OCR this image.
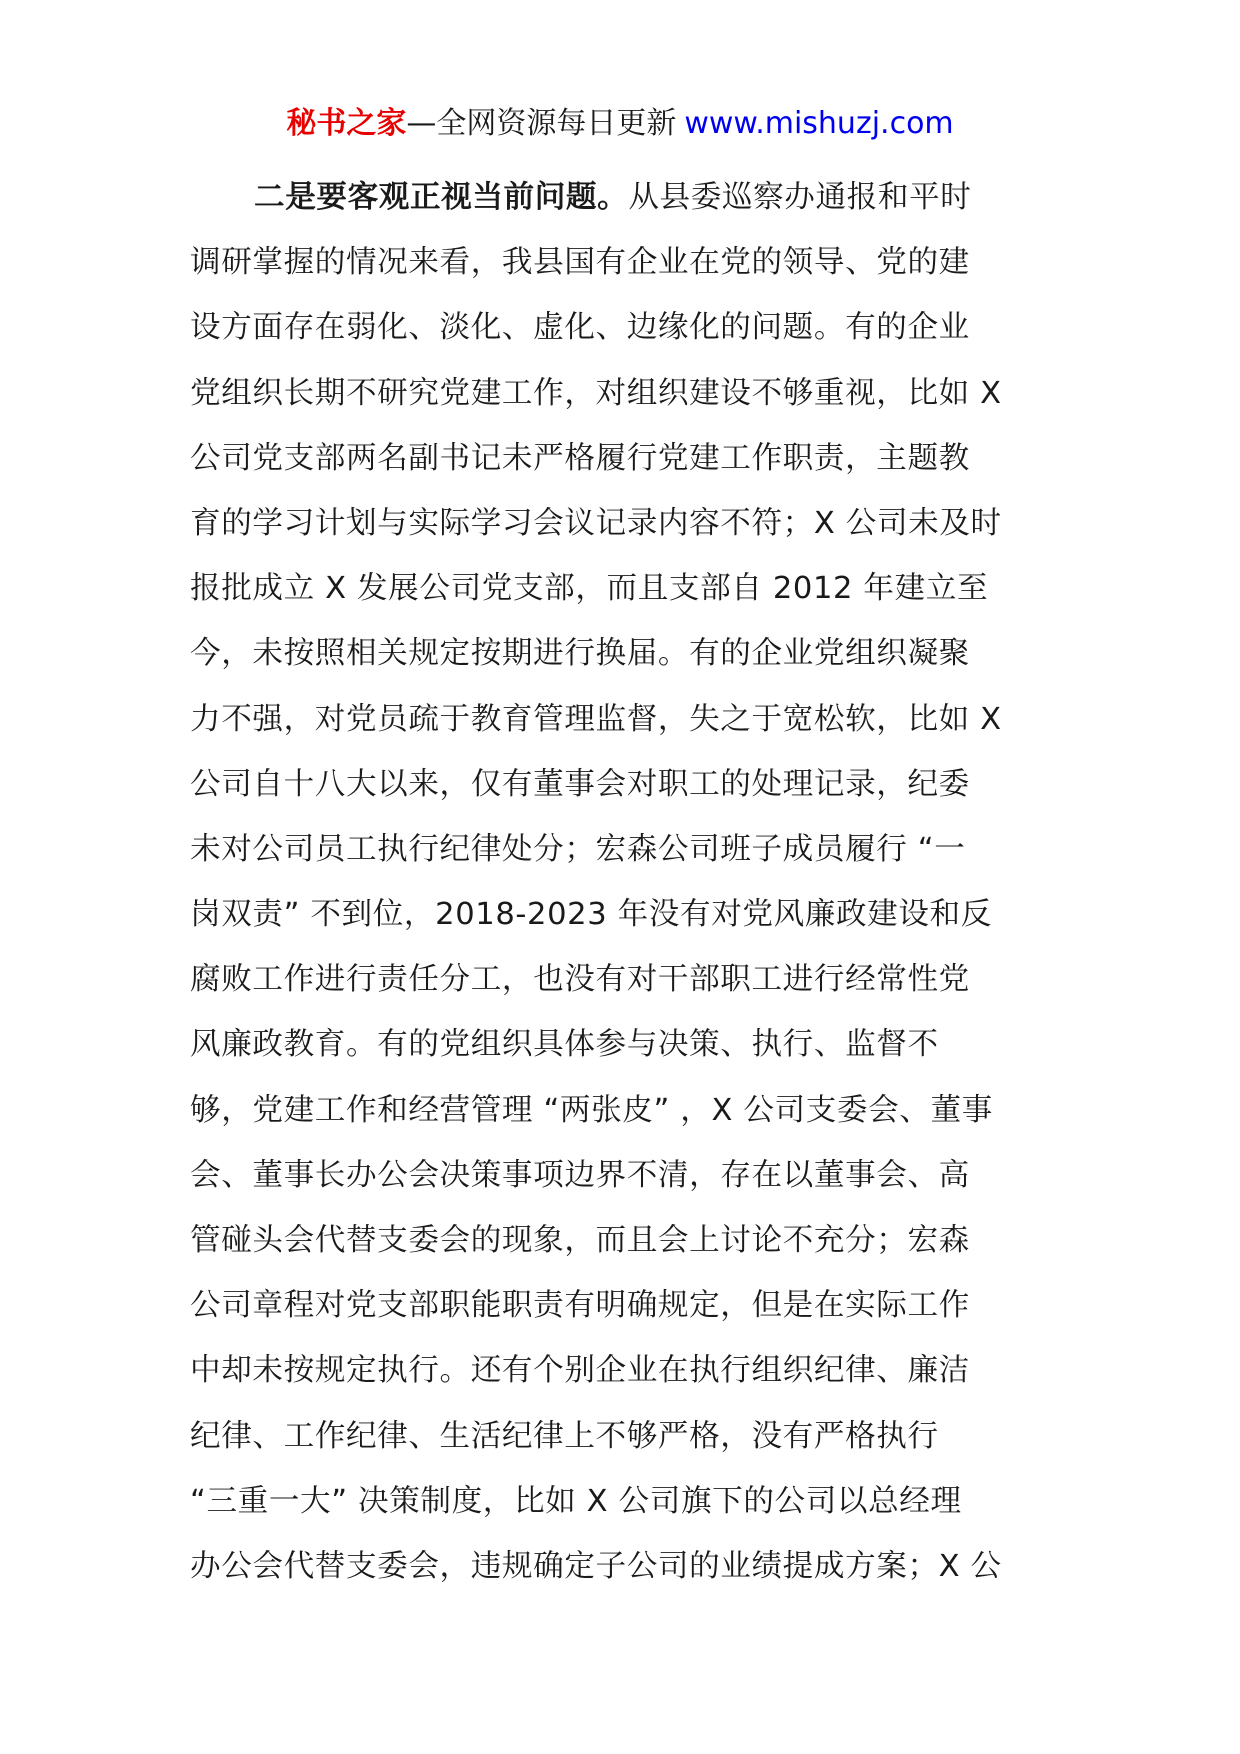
秘书之家—全网资源每日更新 www.mishuzj.com
二是要客观正视当前问题。从县委巡察办通报和平时
调研掌握的情况来看，我县国有企业在党的领导、党的建
设方面存在弱化、淡化、虚化、边缘化的问题。有的企业
党组织长期不研究党建工作，对组织建设不够重视，比如 X
公司党支部两名副书记未严格履行党建工作职责，主题教
育的学习计划与实际学习会议记录内容不符；X 公司未及时
报批成立 X 发展公司党支部，而且支部自 2012 年建立至
今，未按照相关规定按期进行换届。有的企业党组织凝聚
力不强，对党员疏于教育管理监督，失之于宽松软，比如 X
公司自十八大以来，仅有董事会对职工的处理记录，纪委
未对公司员工执行纪律处分；宏森公司班子成员履行 “一
岗双责” 不到位，2018-2023 年没有对党风廉政建设和反
腐败工作进行责任分工，也没有对干部职工进行经常性党
风廉政教育。有的党组织具体参与决策、执行、监督不
够，党建工作和经营管理 “两张皮” ，X 公司支委会、董事
会、董事长办公会决策事项边界不清，存在以董事会、高
管碰头会代替支委会的现象，而且会上讨论不充分；宏森
公司章程对党支部职能职责有明确规定，但是在实际工作
中却未按规定执行。还有个别企业在执行组织纪律、廉洁
纪律、工作纪律、生活纪律上不够严格，没有严格执行
“三重一大” 决策制度，比如 X 公司旗下的公司以总经理
办公会代替支委会，违规确定子公司的业绩提成方案；X 公
